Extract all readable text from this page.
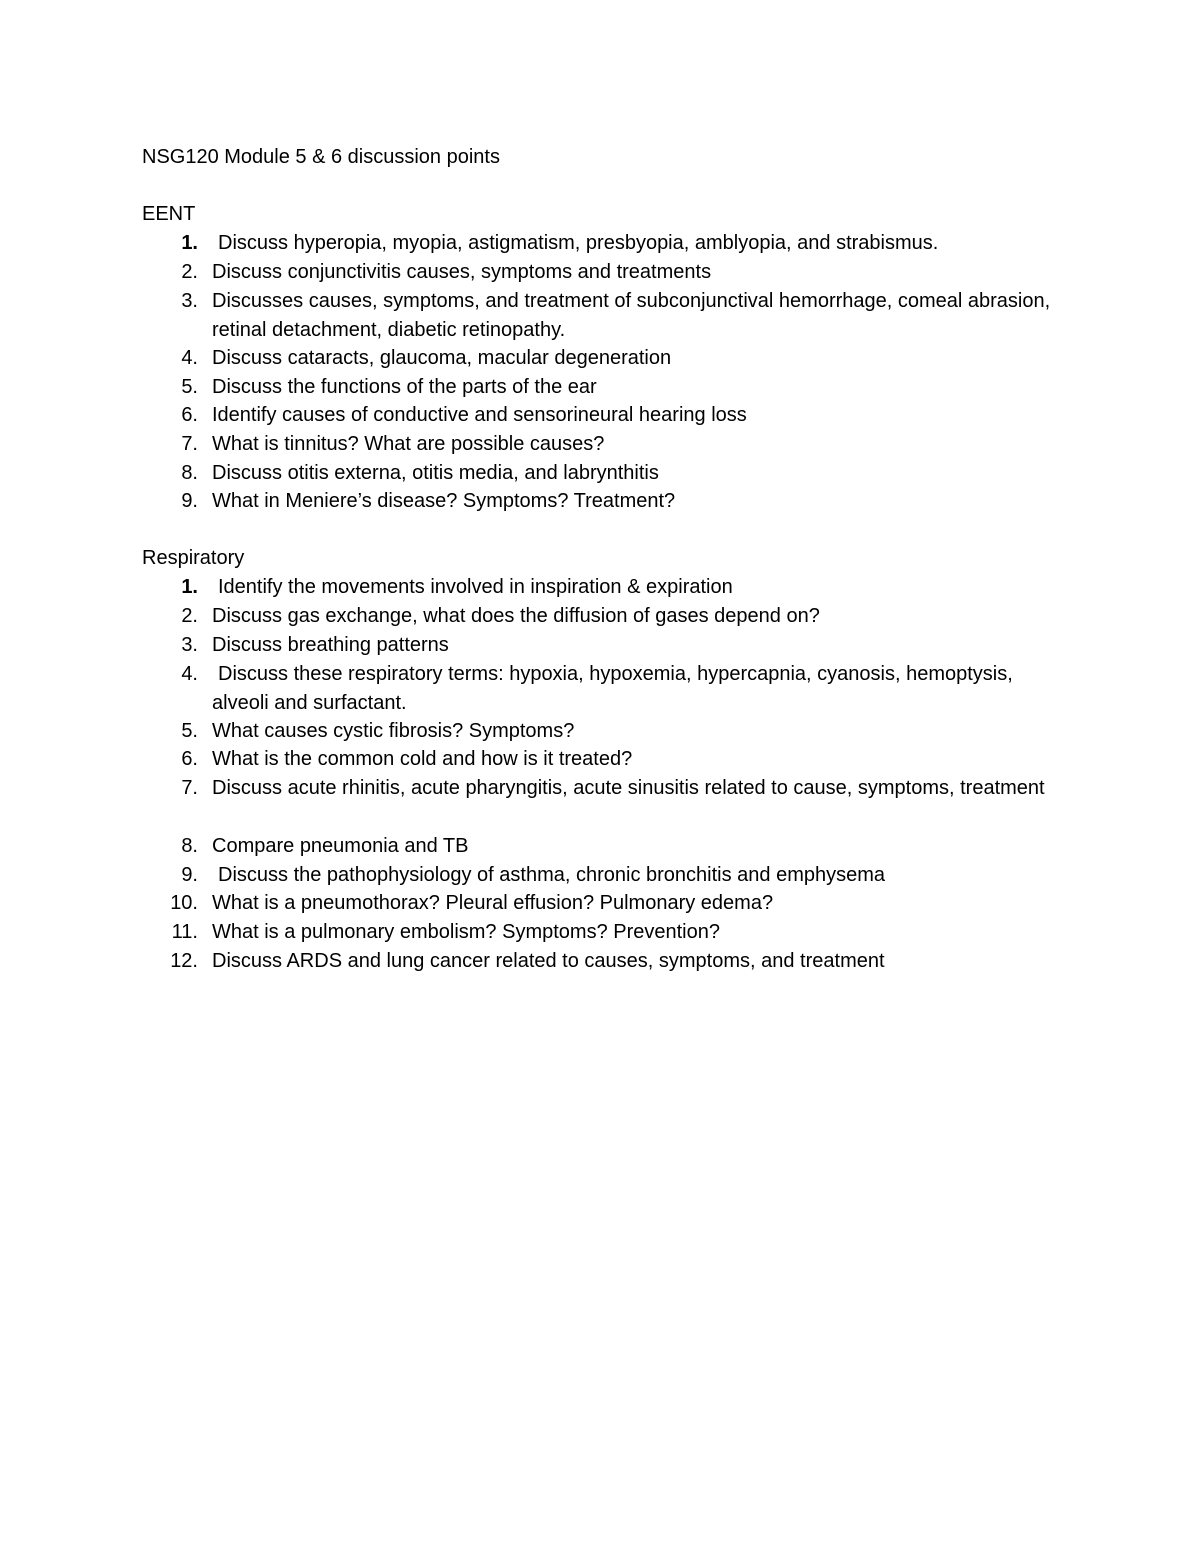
NSG120 Module 5 & 6 discussion points
EENT
1.	Discuss hyperopia, myopia, astigmatism, presbyopia, amblyopia, and strabismus.
2. Discuss conjunctivitis causes, symptoms and treatments
3. Discusses causes, symptoms, and treatment of subconjunctival hemorrhage, comeal abrasion, retinal detachment, diabetic retinopathy.
4. Discuss cataracts, glaucoma, macular degeneration
5. Discuss the functions of the parts of the ear
6. Identify causes of conductive and sensorineural hearing loss
7. What is tinnitus? What are possible causes?
8. Discuss otitis externa, otitis media, and labrynthitis
9. What in Meniere’s disease? Symptoms? Treatment?
Respiratory
1.	Identify the movements involved in inspiration & expiration
2. Discuss gas exchange, what does the diffusion of gases depend on?
3. Discuss breathing patterns
4.	Discuss these respiratory terms: hypoxia, hypoxemia, hypercapnia, cyanosis, hemoptysis, alveoli and surfactant.
5. What causes cystic fibrosis? Symptoms?
6. What is the common cold and how is it treated?
7. Discuss acute rhinitis, acute pharyngitis, acute sinusitis related to cause, symptoms, treatment
8. Compare pneumonia and TB
9.	Discuss the pathophysiology of asthma, chronic bronchitis and emphysema
10. What is a pneumothorax? Pleural effusion? Pulmonary edema?
11. What is a pulmonary embolism? Symptoms? Prevention?
12. Discuss ARDS and lung cancer related to causes, symptoms, and treatment
